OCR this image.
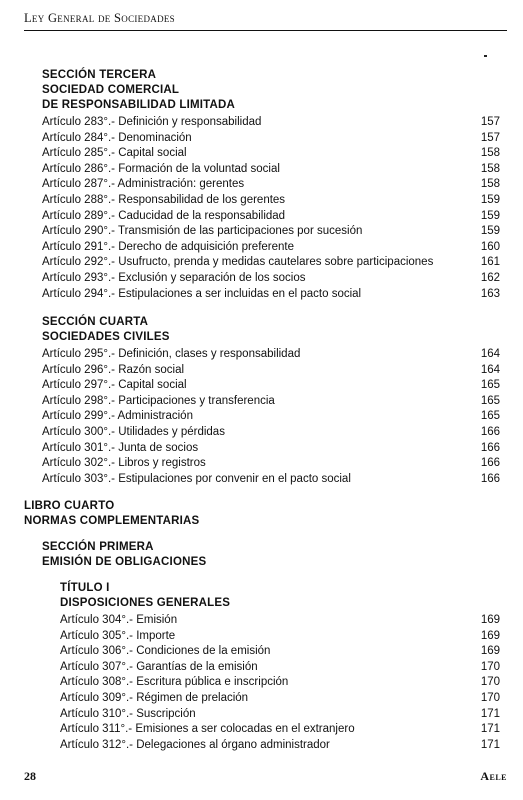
Ley General de Sociedades
SECCIÓN TERCERA
SOCIEDAD COMERCIAL
DE RESPONSABILIDAD LIMITADA
Artículo 283°.- Definición y responsabilidad	157
Artículo 284°.- Denominación	157
Artículo 285°.- Capital social	158
Artículo 286°.- Formación de la voluntad social	158
Artículo 287°.- Administración: gerentes	158
Artículo 288°.- Responsabilidad de los gerentes	159
Artículo 289°.- Caducidad de la responsabilidad	159
Artículo 290°.- Transmisión de las participaciones por sucesión	159
Artículo 291°.- Derecho de adquisición preferente	160
Artículo 292°.- Usufructo, prenda y medidas cautelares sobre participaciones	161
Artículo 293°.- Exclusión y separación de los socios	162
Artículo 294°.- Estipulaciones a ser incluidas en el pacto social	163
SECCIÓN CUARTA
SOCIEDADES CIVILES
Artículo 295°.- Definición, clases y responsabilidad	164
Artículo 296°.- Razón social	164
Artículo 297°.- Capital social	165
Artículo 298°.- Participaciones y transferencia	165
Artículo 299°.- Administración	165
Artículo 300°.- Utilidades y pérdidas	166
Artículo 301°.- Junta de socios	166
Artículo 302°.- Libros y registros	166
Artículo 303°.- Estipulaciones por convenir en el pacto social	166
LIBRO CUARTO
NORMAS COMPLEMENTARIAS
SECCIÓN PRIMERA
EMISIÓN DE OBLIGACIONES
TÍTULO I
DISPOSICIONES GENERALES
Artículo 304°.- Emisión	169
Artículo 305°.- Importe	169
Artículo 306°.- Condiciones de la emisión	169
Artículo 307°.- Garantías de la emisión	170
Artículo 308°.- Escritura pública e inscripción	170
Artículo 309°.- Régimen de prelación	170
Artículo 310°.- Suscripción	171
Artículo 311°.- Emisiones a ser colocadas en el extranjero	171
Artículo 312°.- Delegaciones al órgano administrador	171
28	Aele
